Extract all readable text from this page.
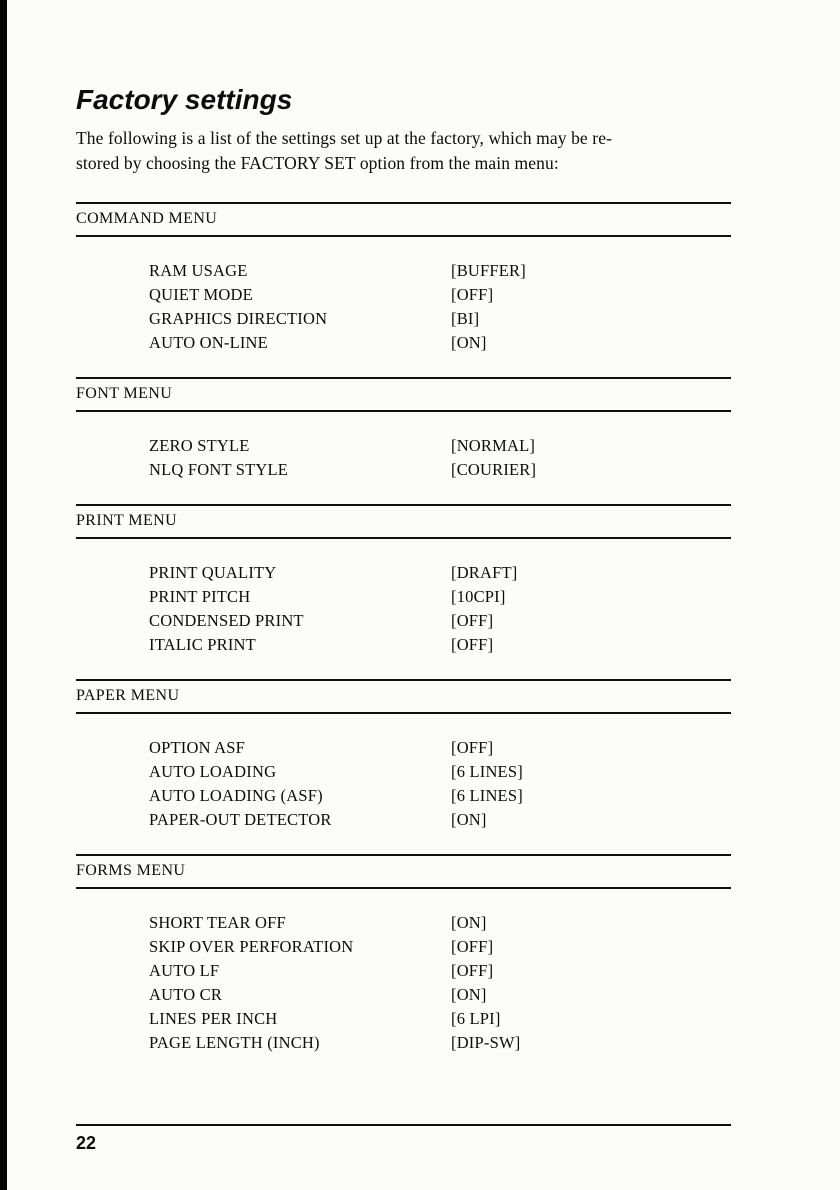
Factory settings

The following is a list of the settings set up at the factory, which may be re-
stored by choosing the FACTORY SET option from the main menu:

COMMAND MENU
RAM USAGE	[BUFFER]
QUIET MODE	[OFF]
GRAPHICS DIRECTION	[BI]
AUTO ON-LINE	[ON]
FONT MENU
ZERO STYLE	[NORMAL]
NLQ FONT STYLE	[COURIER]
PRINT MENU
PRINT QUALITY	[DRAFT]
PRINT PITCH	[10CPI]
CONDENSED PRINT	[OFF]
ITALIC PRINT	[OFF]
PAPER MENU
OPTION ASF	[OFF]
AUTO LOADING	[6 LINES]
AUTO LOADING (ASF)	[6 LINES]
PAPER-OUT DETECTOR	[ON]
FORMS MENU
SHORT TEAR OFF	[ON]
SKIP OVER PERFORATION	[OFF]
AUTO LF	[OFF]
AUTO CR	[ON]
LINES PER INCH	[6 LPI]
PAGE LENGTH (INCH)	[DIP-SW]
22
